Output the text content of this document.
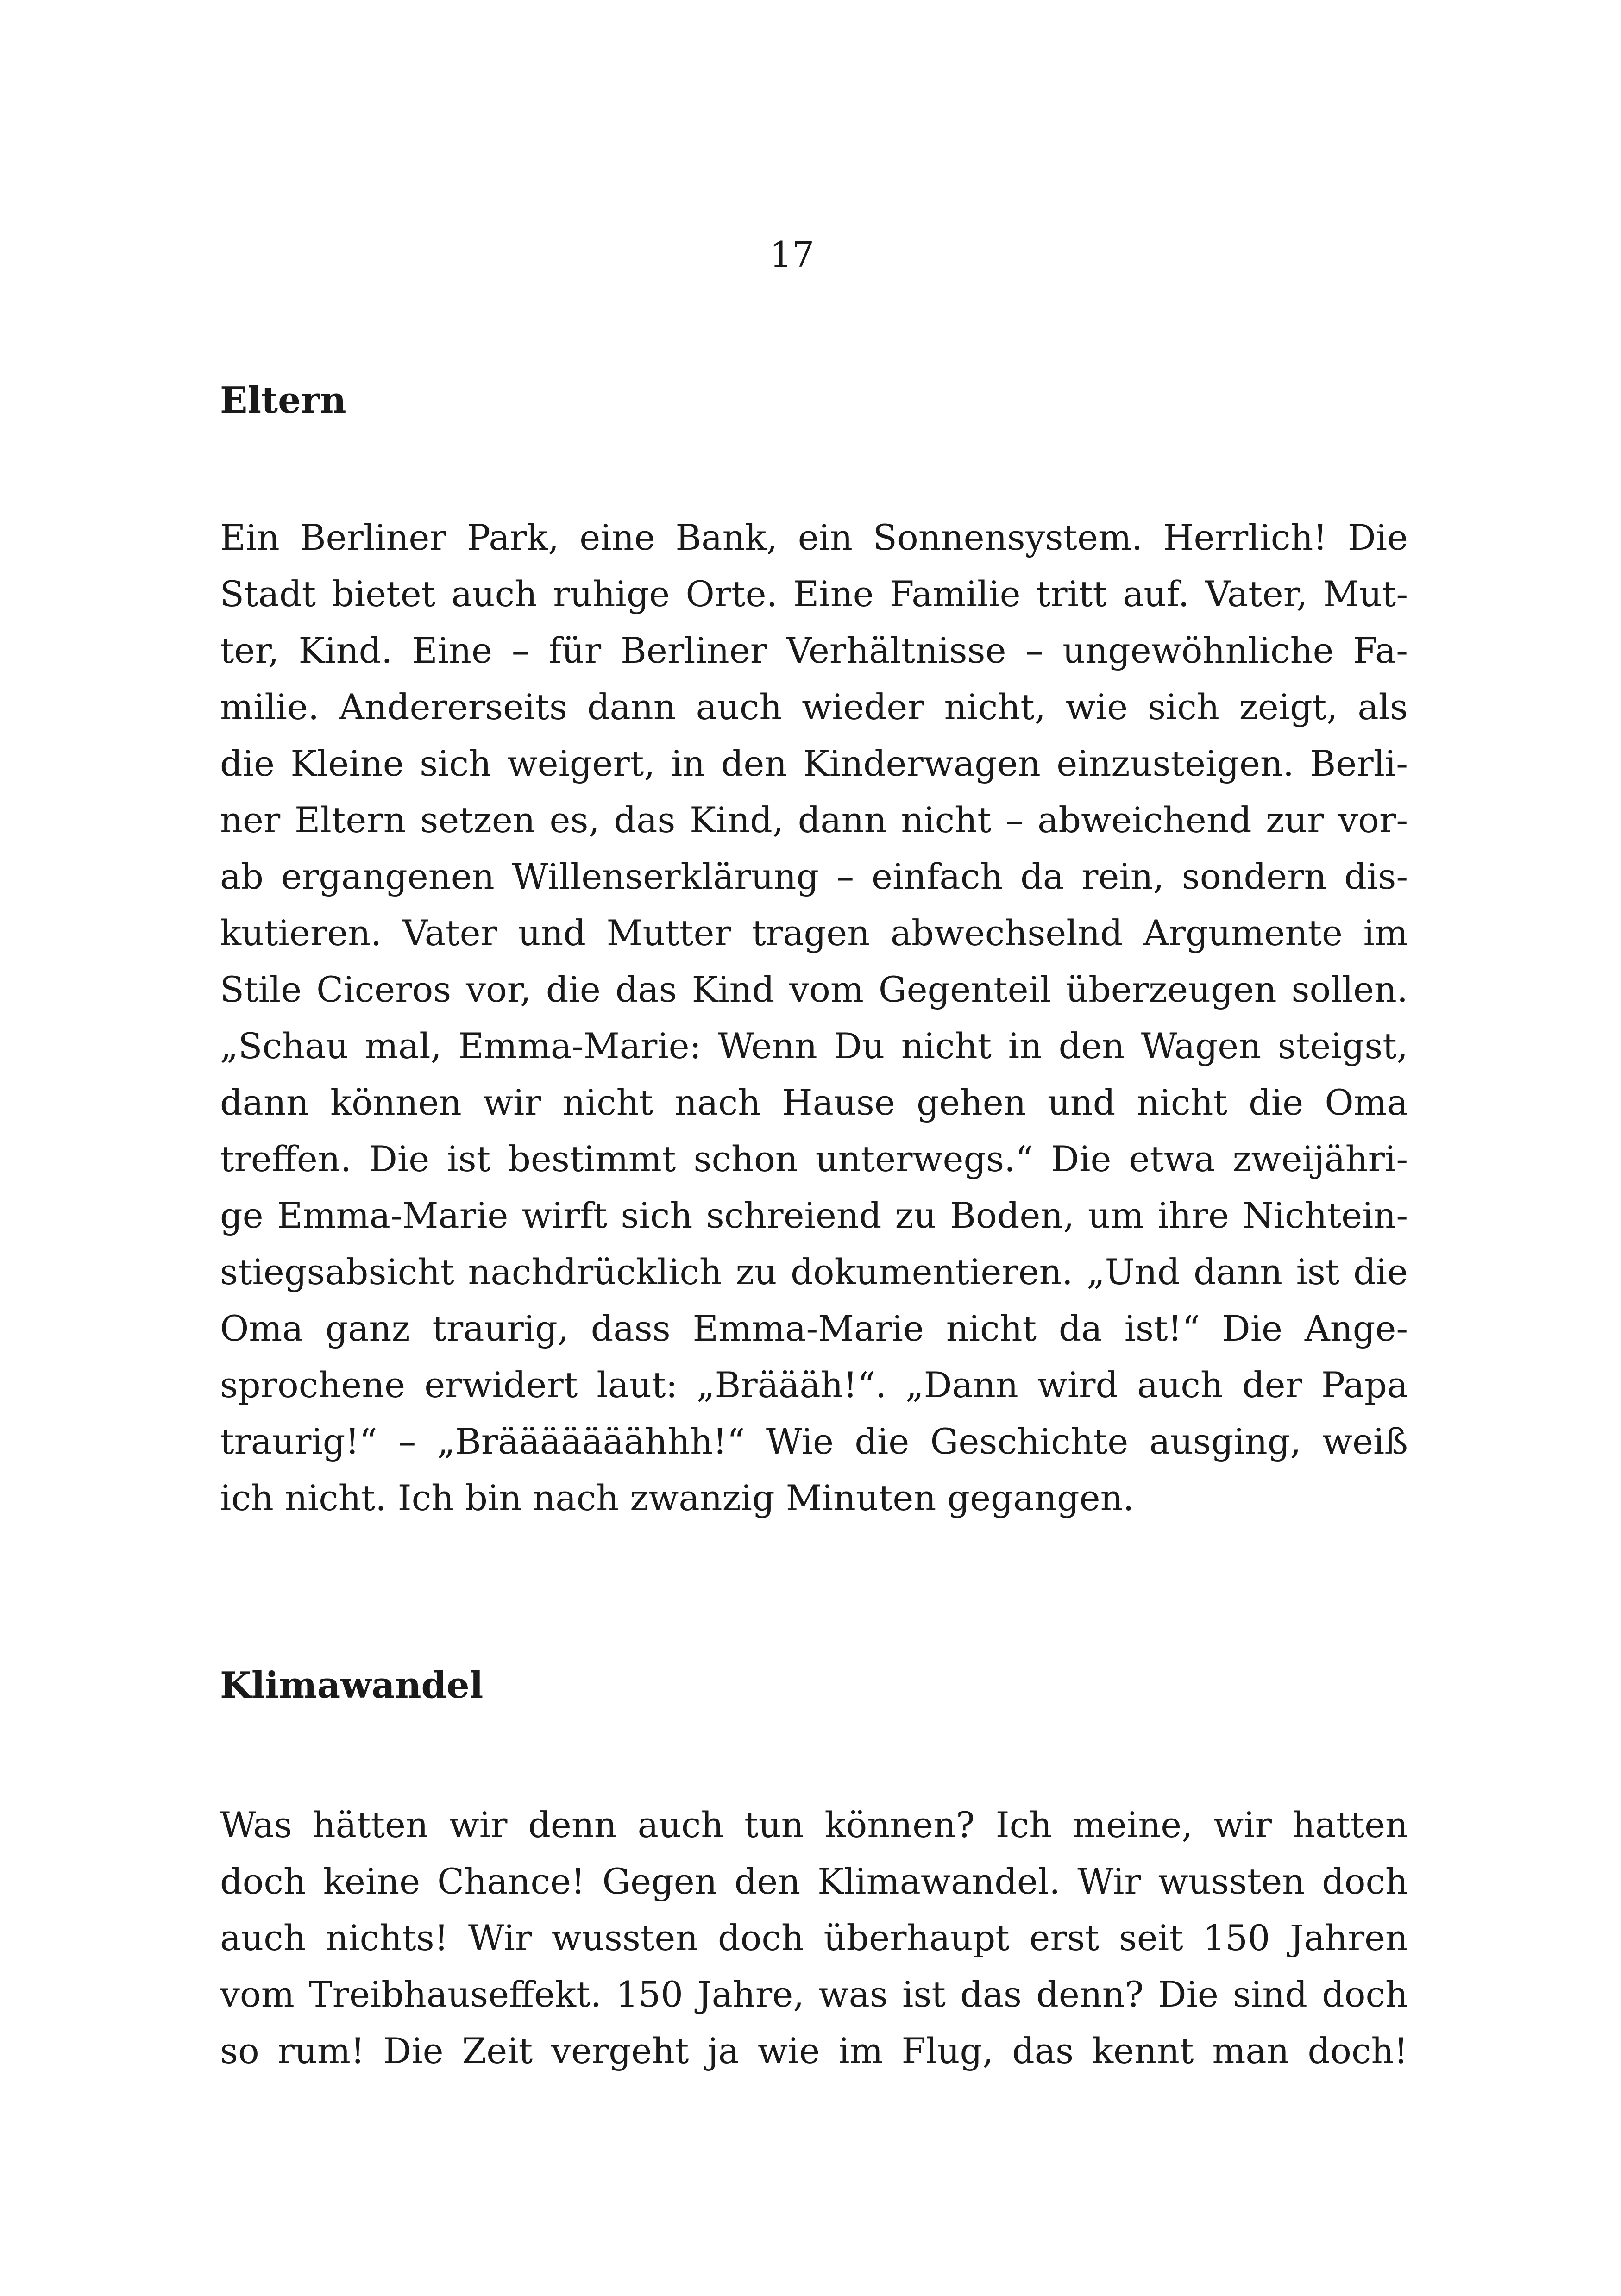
17
Eltern
Ein Berliner Park, eine Bank, ein Sonnensystem. Herrlich! Die
Stadt bietet auch ruhige Orte. Eine Familie tritt auf. Vater, Mut-
ter, Kind. Eine – für Berliner Verhältnisse – ungewöhnliche Fa-
milie. Andererseits dann auch wieder nicht, wie sich zeigt, als
die Kleine sich weigert, in den Kinderwagen einzusteigen. Berli-
ner Eltern setzen es, das Kind, dann nicht – abweichend zur vor-
ab ergangenen Willenserklärung – einfach da rein, sondern dis-
kutieren. Vater und Mutter tragen abwechselnd Argumente im
Stile Ciceros vor, die das Kind vom Gegenteil überzeugen sollen.
„Schau mal, Emma-Marie: Wenn Du nicht in den Wagen steigst,
dann können wir nicht nach Hause gehen und nicht die Oma
treffen. Die ist bestimmt schon unterwegs.“ Die etwa zweijähri-
ge Emma-Marie wirft sich schreiend zu Boden, um ihre Nichtein-
stiegsabsicht nachdrücklich zu dokumentieren. „Und dann ist die
Oma ganz traurig, dass Emma-Marie nicht da ist!“ Die Ange-
sprochene erwidert laut: „Bräääh!“. „Dann wird auch der Papa
traurig!“ – „Brääääääähhh!“ Wie die Geschichte ausging, weiß
ich nicht. Ich bin nach zwanzig Minuten gegangen.
Klimawandel
Was hätten wir denn auch tun können? Ich meine, wir hatten
doch keine Chance! Gegen den Klimawandel. Wir wussten doch
auch nichts! Wir wussten doch überhaupt erst seit 150 Jahren
vom Treibhauseffekt. 150 Jahre, was ist das denn? Die sind doch
so rum! Die Zeit vergeht ja wie im Flug, das kennt man doch!
